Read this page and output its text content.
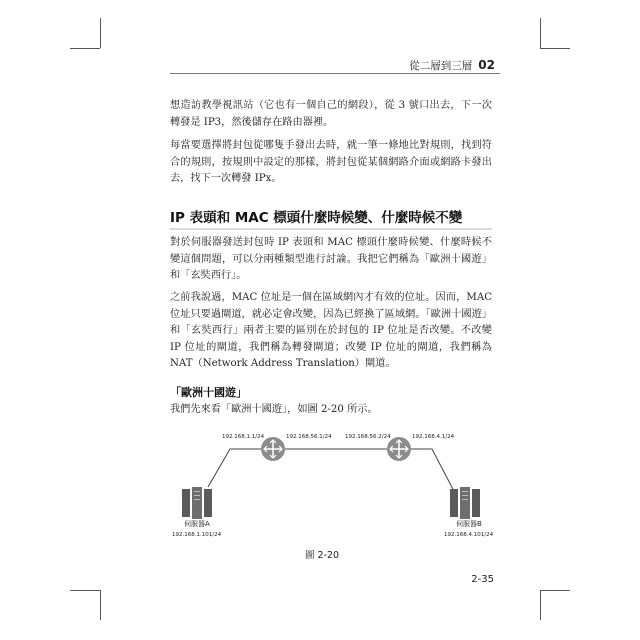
從二層到三層 02

想造訪教學視訊站（它也有一個自己的網段），從 3 號口出去，下一次轉發是 IP3，然後儲存在路由器裡。

每當要選擇將封包從哪隻手發出去時，就一筆一條地比對規則，找到符合的規則，按規則中設定的那樣，將封包從某個網路介面或網路卡發出去，找下一次轉發 IPx。

IP 表頭和 MAC 標頭什麼時候變、什麼時候不變

對於伺服器發送封包時 IP 表頭和 MAC 標頭什麼時候變、什麼時候不變這個問題，可以分兩種類型進行討論。我把它們稱為「歐洲十國遊」和「玄奘西行」。

之前我說過，MAC 位址是一個在區域網內才有效的位址。因而，MAC 位址只要過閘道，就必定會改變，因為已經換了區域網。「歐洲十國遊」和「玄奘西行」兩者主要的區別在於封包的 IP 位址是否改變。不改變 IP 位址的閘道，我們稱為轉發閘道；改變 IP 位址的閘道，我們稱為 NAT（Network Address Translation）閘道。

「歐洲十國遊」

我們先來看「歐洲十國遊」，如圖 2-20 所示。

192.168.1.1/24	192.168.56.1/24 192.168.56.2/24	192.168.4.1/24
伺服器A
192.168.1.101/24
伺服器B
192.168.4.101/24
圖 2-20
2-35
